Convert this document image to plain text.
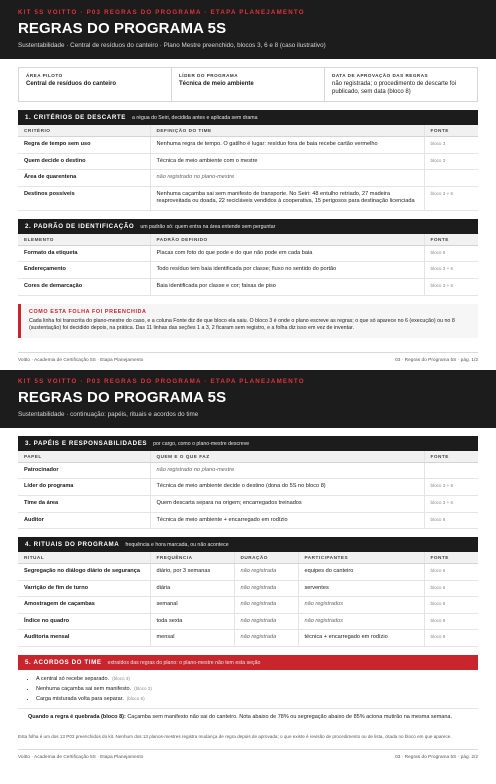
KIT 5S VOITTO · P03 REGRAS DO PROGRAMA · ETAPA PLANEJAMENTO
REGRAS DO PROGRAMA 5S
Sustentabilidade · Central de resíduos do canteiro · Plano Mestre preenchido, blocos 3, 6 e 8 (caso ilustrativo)
ÁREA PILOTO
Central de resíduos do canteiro
LÍDER DO PROGRAMA
Técnica de meio ambiente
DATA DE APROVAÇÃO DAS REGRAS
não registrada; o procedimento de descarte foi publicado, sem data (bloco 8)
1. CRITÉRIOS DE DESCARTE a régua do Seiri, decidida antes e aplicada sem drama
CRITÉRIO	DEFINIÇÃO DO TIME	FONTE
Regra de tempo sem uso	Nenhuma regra de tempo. O gatilho é lugar: resíduo fora de baia recebe cartão vermelho	bloco 3
Quem decide o destino	Técnica de meio ambiente com o mestre	bloco 3
Área de quarentena	não registrado no plano-mestre	
Destinos possíveis	Nenhuma caçamba sai sem manifesto de transporte. No Seiri: 48 entulho retriado, 27 madeira reaproveitada ou doada, 22 recicláveis vendidos à cooperativa, 15 perigosos para destinação licenciada	bloco 3 + 6
2. PADRÃO DE IDENTIFICAÇÃO um padrão só: quem entra na área entende sem perguntar
ELEMENTO	PADRÃO DEFINIDO	FONTE
Formato da etiqueta	Placas com foto do que pode e do que não pode em cada baia	bloco 6
Endereçamento	Todo resíduo tem baia identificada por classe; fluxo no sentido do portão	bloco 3 + 6
Cores de demarcação	Baia identificada por classe e cor; faixas de piso	bloco 3 + 6
COMO ESTA FOLHA FOI PREENCHIDA
Cada linha foi transcrita do plano-mestre do caso, e a coluna Fonte diz de que bloco ela saiu. O bloco 3 é onde o plano escreve as regras; o que só aparece no 6 (execução) ou no 8 (sustentação) foi decidido depois, na prática. Das 11 linhas das seções 1 a 3, 2 ficaram sem registro, e a folha diz isso em vez de inventar.
Voitto · Academia de Certificação 5S · Etapa Planejamento	03 · Regras do Programa 5S · pág. 1/2
KIT 5S VOITTO · P03 REGRAS DO PROGRAMA · ETAPA PLANEJAMENTO
REGRAS DO PROGRAMA 5S
Sustentabilidade · continuação: papéis, rituais e acordos do time
3. PAPÉIS E RESPONSABILIDADES por cargo, como o plano-mestre descreve
PAPEL	QUEM E O QUE FAZ	FONTE
Patrocinador	não registrado no plano-mestre	
Líder do programa	Técnica de meio ambiente decide o destino (dona do 5S no bloco 8)	bloco 3 + 8
Time da área	Quem descarta separa na origem; encarregados treinados	bloco 3 + 6
Auditor	Técnica de meio ambiente + encarregado em rodízio	bloco 8
4. RITUAIS DO PROGRAMA frequência e hora marcada, ou não acontece
RITUAL	FREQUÊNCIA	DURAÇÃO	PARTICIPANTES	FONTE
Segregação no diálogo diário de segurança	diário, por 3 semanas	não registrada	equipes do canteiro	bloco 6
Varrição de fim de turno	diária	não registrada	serventes	bloco 6
Amostragem de caçambas	semanal	não registrada	não registrados	bloco 8
Índice no quadro	toda sexta	não registrada	não registrados	bloco 8
Auditoria mensal	mensal	não registrada	técnica + encarregado em rodízio	bloco 8
5. ACORDOS DO TIME extraídos das regras do plano: o plano-mestre não tem esta seção
• A central só recebe separado. (bloco 3)
• Nenhuma caçamba sai sem manifesto. (bloco 3)
• Carga misturada volta para separar. (bloco 6)
Quando a regra é quebrada (bloco 8): Caçamba sem manifesto não sai do canteiro. Nota abaixo de 78% ou segregação abaixo de 85% aciona mutirão na mesma semana.
Esta folha é um dos 13 P03 preenchidos do kit. Nenhum dos 13 planos-mestres registra mudança de regra depois de aprovada; o que existe é revisão de procedimento ou de lista, citada no bloco em que aparece.
Voitto · Academia de Certificação 5S · Etapa Planejamento	03 · Regras do Programa 5S · pág. 2/2
